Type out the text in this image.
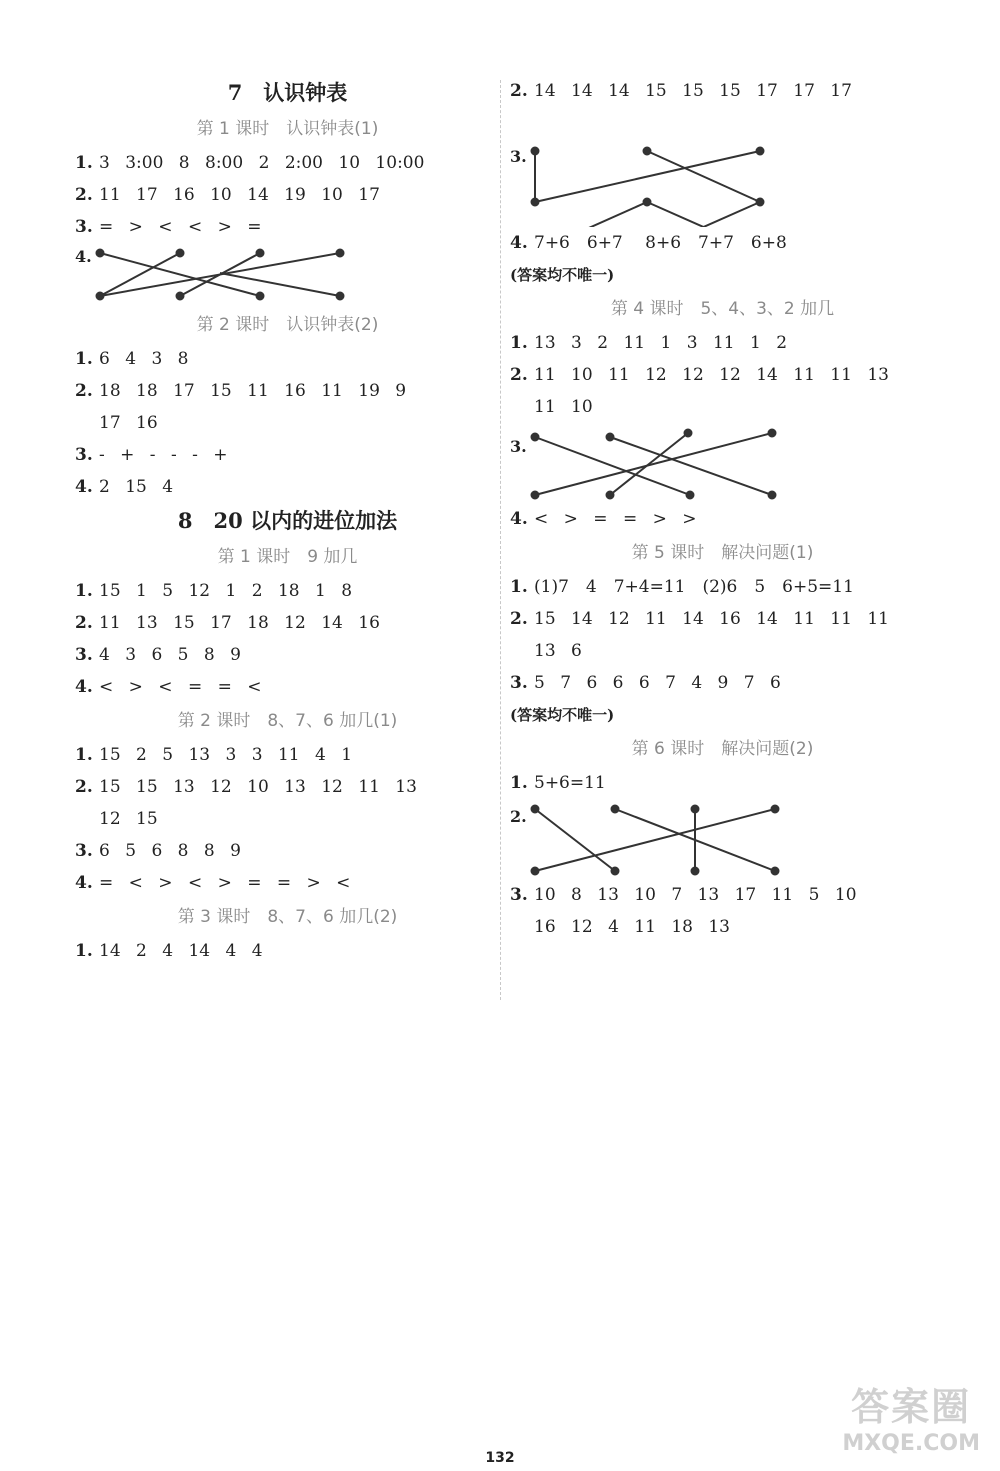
7　认识钟表
第 1 课时　认识钟表(1)
1. 3 3:00 8 8:00 2 2:00 10 10:00
2. 11 17 16 10 14 19 10 17
3. = > < < > =
4.
第 2 课时　认识钟表(2)
1. 6 4 3 8
2. 18 18 17 15 11 16 11 19 9
17 16
3. - + - - - +
4. 2 15 4
8　20 以内的进位加法
第 1 课时　9 加几
1. 15 1 5 12 1 2 18 1 8
2. 11 13 15 17 18 12 14 16
3. 4 3 6 5 8 9
4. < > < = = <
第 2 课时　8、7、6 加几(1)
1. 15 2 5 13 3 3 11 4 1
2. 15 15 13 12 10 13 12 11 13
12 15
3. 6 5 6 8 8 9
4. = < > < > = = > <
第 3 课时　8、7、6 加几(2)
1. 14 2 4 14 4 4
2. 14 14 14 15 15 15 17 17 17
3.
4. 7+6　6+7　 8+6　7+7　6+8
(答案均不唯一)
第 4 课时　5、4、3、2 加几
1. 13 3 2 11 1 3 11 1 2
2. 11 10 11 12 12 12 14 11 11 13
11 10
3.
4. < > = = > >
第 5 课时　解决问题(1)
1. (1)7　4　7+4=11　(2)6　5　6+5=11
2. 15 14 12 11 14 16 14 11 11 11
13 6
3. 5 7 6 6 6 7 4 9 7 6
(答案均不唯一)
第 6 课时　解决问题(2)
1. 5+6=11
2.
3. 10 8 13 10 7 13 17 11 5 10
16 12 4 11 18 13
132
答案圈
MXQE.COM
